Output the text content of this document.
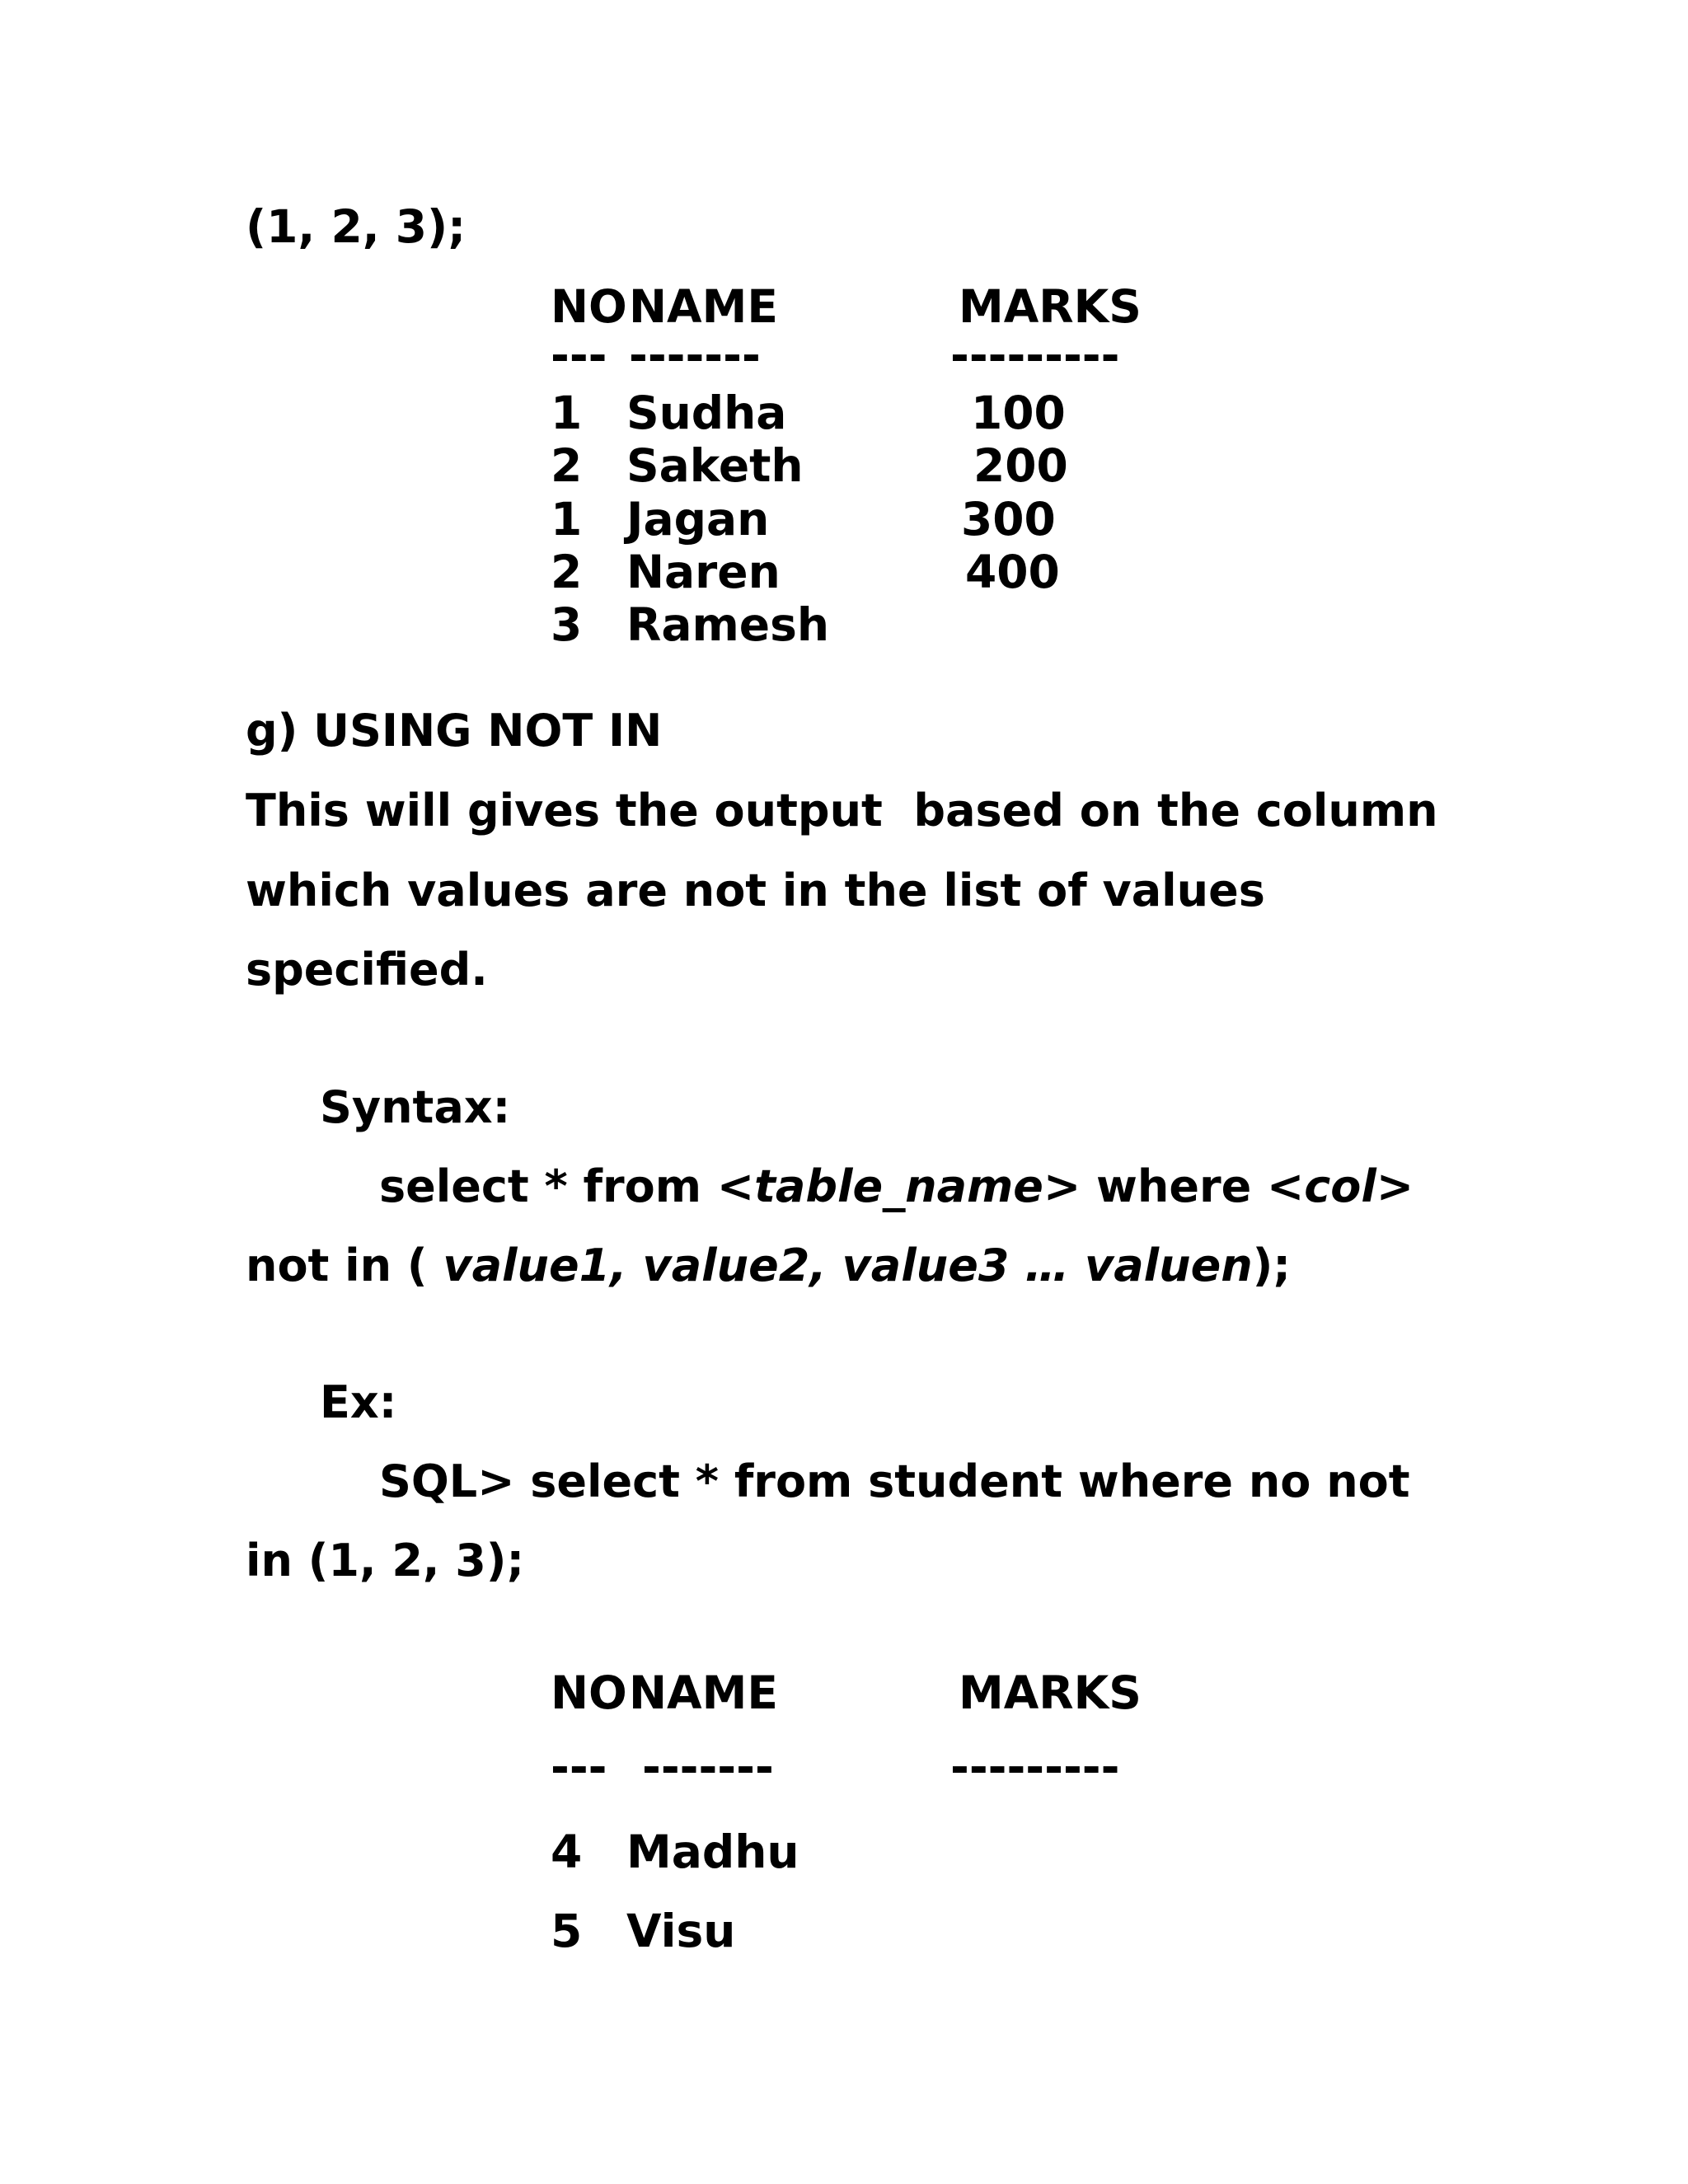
(1, 2, 3);
NO NAME	MARKS
--- -------	---------
1 Sudha	100
2 Saketh	200
1 Jagan	300
2 Naren	400
3 Ramesh
g) USING NOT IN
This will gives the output  based on the column
which values are not in the list of values
specified.
Syntax:
select * from <table_name> where <col>
not in ( value1, value2, value3 … valuen);
Ex:
SQL> select * from student where no not
in (1, 2, 3);
NO NAME	MARKS
--- -------	---------
4 Madhu
5 Visu
